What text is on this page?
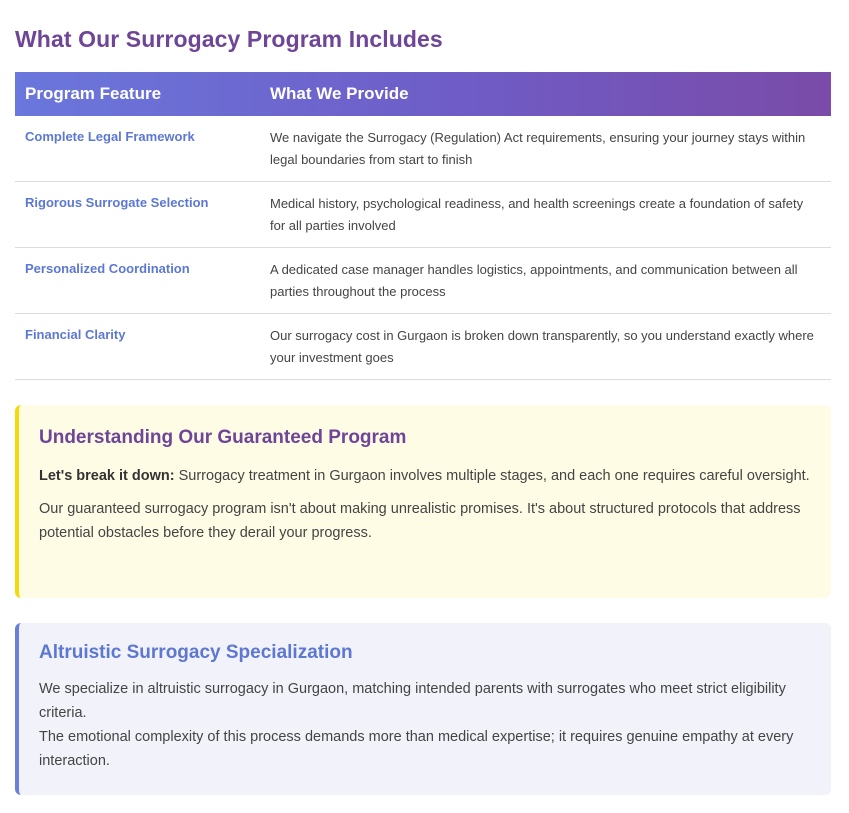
What Our Surrogacy Program Includes
Program Feature	What We Provide
Complete Legal Framework	We navigate the Surrogacy (Regulation) Act requirements, ensuring your journey stays within legal boundaries from start to finish
Rigorous Surrogate Selection	Medical history, psychological readiness, and health screenings create a foundation of safety for all parties involved
Personalized Coordination	A dedicated case manager handles logistics, appointments, and communication between all parties throughout the process
Financial Clarity	Our surrogacy cost in Gurgaon is broken down transparently, so you understand exactly where your investment goes
Understanding Our Guaranteed Program

Let's break it down: Surrogacy treatment in Gurgaon involves multiple stages, and each one requires careful oversight.

Our guaranteed surrogacy program isn't about making unrealistic promises. It's about structured protocols that address potential obstacles before they derail your progress.

Altruistic Surrogacy Specialization

We specialize in altruistic surrogacy in Gurgaon, matching intended parents with surrogates who meet strict eligibility criteria.

The emotional complexity of this process demands more than medical expertise; it requires genuine empathy at every interaction.
